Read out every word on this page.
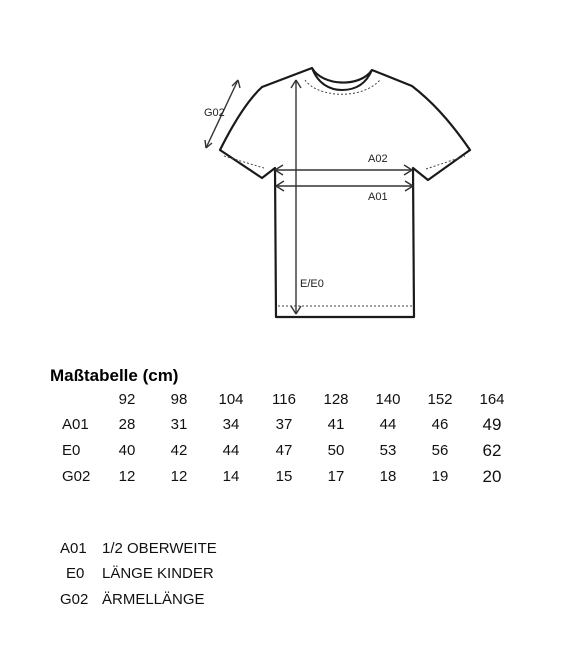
G02
A02
A01
E/E0
Maßtabelle (cm)
92 98 104 116 128 140 152 164
A01 28 31 34 37 41 44 46 49
E0	40 42 44 47 50 53 56 62
G02 12 12 14 15 17 18 19 20
A01 1/2 OBERWEITE
E0 LÄNGE KINDER
G02 ÄRMELLÄNGE
